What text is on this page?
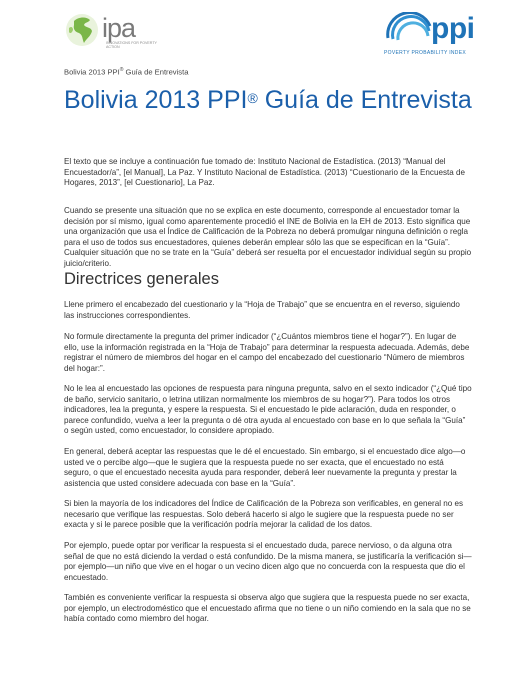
ipa
INNOVATIONS FOR POVERTY ACTION
ppi
POVERTY PROBABILITY INDEX
Bolivia 2013 PPI® Guía de Entrevista
Bolivia 2013 PPI® Guía de Entrevista

El texto que se incluye a continuación fue tomado de: Instituto Nacional de Estadística. (2013) “Manual del Encuestador/a”, [el Manual], La Paz. Y Instituto Nacional de Estadística. (2013) “Cuestionario de la Encuesta de Hogares, 2013”, [el Cuestionario], La Paz.

Cuando se presente una situación que no se explica en este documento, corresponde al encuestador tomar la decisión por sí mismo, igual como aparentemente procedió el INE de Bolivia en la EH de 2013. Esto significa que una organización que usa el Índice de Calificación de la Pobreza no deberá promulgar ninguna definición o regla para el uso de todos sus encuestadores, quienes deberán emplear sólo las que se especifican en la “Guía”. Cualquier situación que no se trate en la “Guía” deberá ser resuelta por el encuestador individual según su propio juicio/criterio.

Directrices generales

Llene primero el encabezado del cuestionario y la “Hoja de Trabajo” que se encuentra en el reverso, siguiendo las instrucciones correspondientes.

No formule directamente la pregunta del primer indicador (“¿Cuántos miembros tiene el hogar?”). En lugar de ello, use la información registrada en la “Hoja de Trabajo” para determinar la respuesta adecuada. Además, debe registrar el número de miembros del hogar en el campo del encabezado del cuestionario “Número de miembros del hogar:”.

No le lea al encuestado las opciones de respuesta para ninguna pregunta, salvo en el sexto indicador (“¿Qué tipo de baño, servicio sanitario, o letrina utilizan normalmente los miembros de su hogar?”). Para todos los otros indicadores, lea la pregunta, y espere la respuesta. Si el encuestado le pide aclaración, duda en responder, o parece confundido, vuelva a leer la pregunta o dé otra ayuda al encuestado con base en lo que señala la “Guía” o según usted, como encuestador, lo considere apropiado.

En general, deberá aceptar las respuestas que le dé el encuestado. Sin embargo, si el encuestado dice algo—o usted ve o percibe algo—que le sugiera que la respuesta puede no ser exacta, que el encuestado no está seguro, o que el encuestado necesita ayuda para responder, deberá leer nuevamente la pregunta y prestar la asistencia que usted considere adecuada con base en la “Guía”.

Si bien la mayoría de los indicadores del Índice de Calificación de la Pobreza son verificables, en general no es necesario que verifique las respuestas. Solo deberá hacerlo si algo le sugiere que la respuesta puede no ser exacta y si le parece posible que la verificación podría mejorar la calidad de los datos.

Por ejemplo, puede optar por verificar la respuesta si el encuestado duda, parece nervioso, o da alguna otra señal de que no está diciendo la verdad o está confundido. De la misma manera, se justificaría la verificación si—por ejemplo—un niño que vive en el hogar o un vecino dicen algo que no concuerda con la respuesta que dio el encuestado.

También es conveniente verificar la respuesta si observa algo que sugiera que la respuesta puede no ser exacta, por ejemplo, un electrodoméstico que el encuestado afirma que no tiene o un niño comiendo en la sala que no se había contado como miembro del hogar.
